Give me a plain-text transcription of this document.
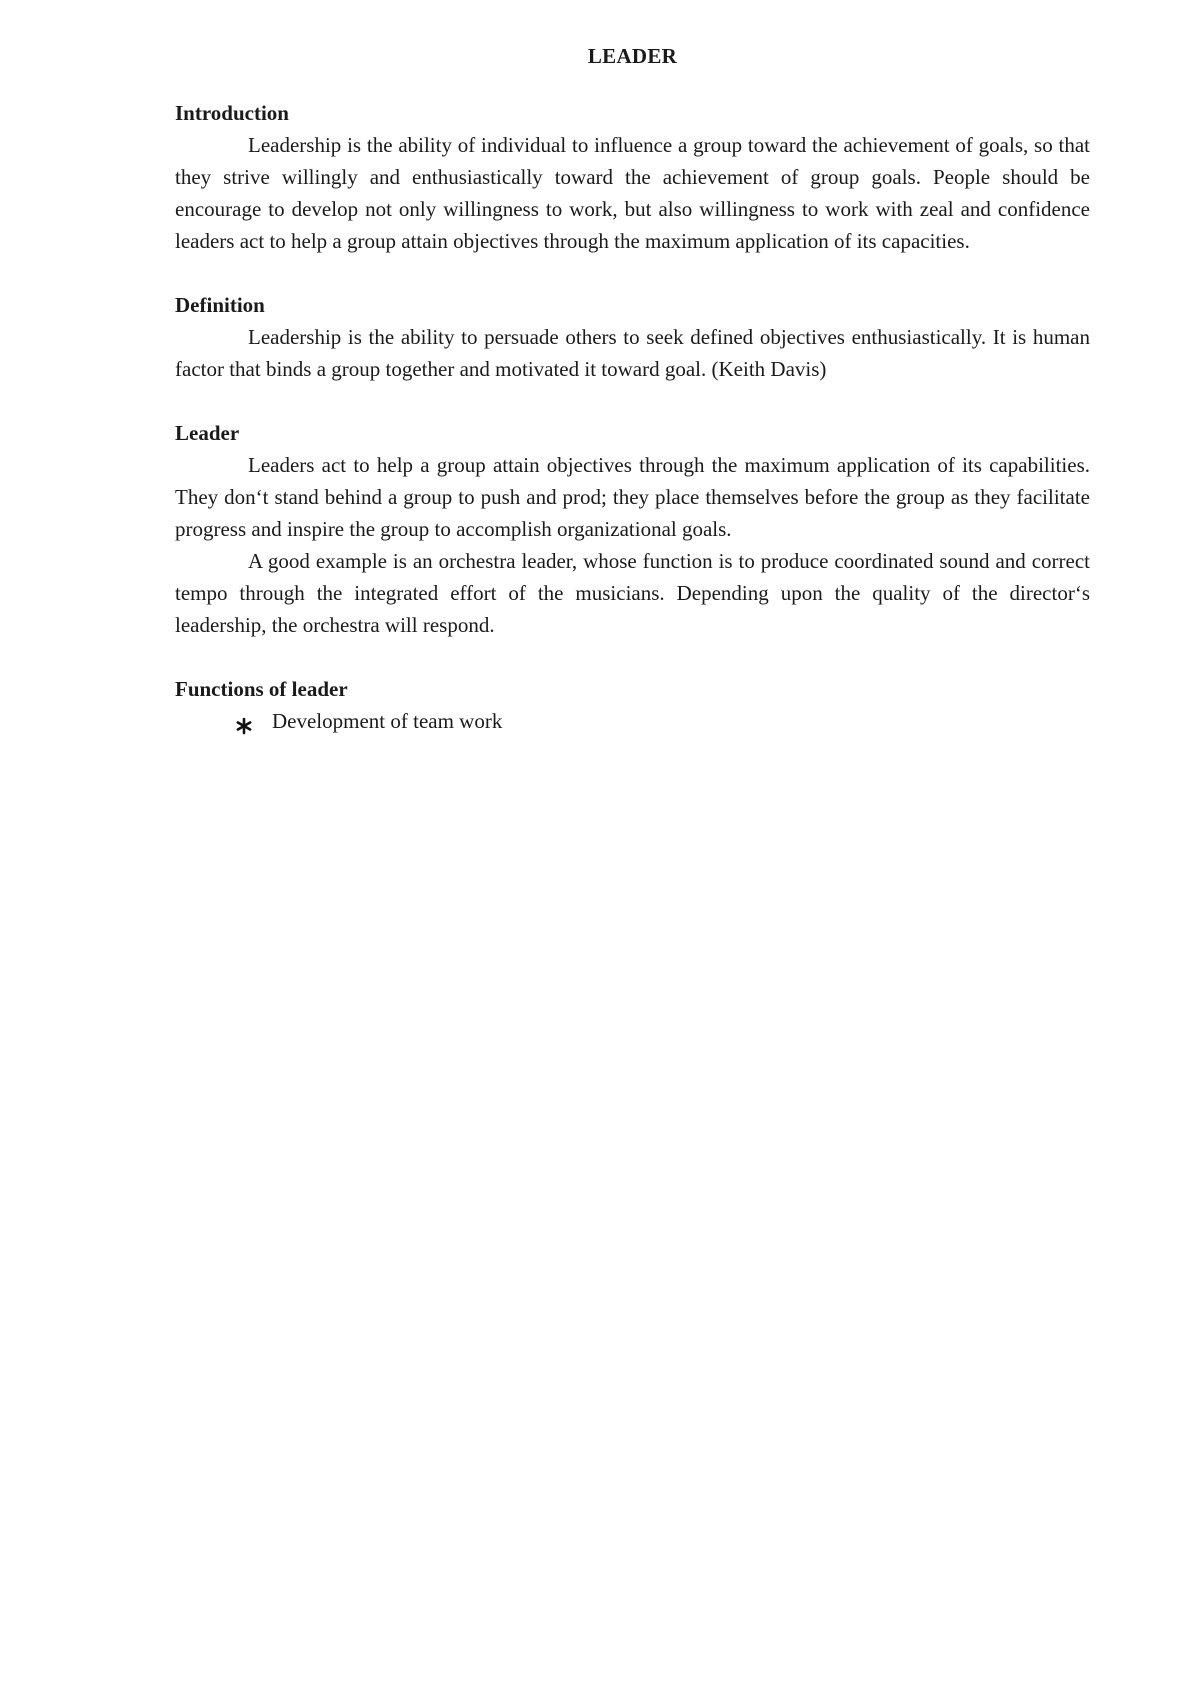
LEADER
Introduction

Leadership is the ability of individual to influence a group toward the achievement of goals, so that they strive willingly and enthusiastically toward the achievement of group goals. People should be encourage to develop not only willingness to work, but also willingness to work with zeal and confidence leaders act to help a group attain objectives through the maximum application of its capacities.

Definition

Leadership is the ability to persuade others to seek defined objectives enthusiastically. It is human factor that binds a group together and motivated it toward goal. (Keith Davis)

Leader

Leaders act to help a group attain objectives through the maximum application of its capabilities. They don‘t stand behind a group to push and prod; they place themselves before the group as they facilitate progress and inspire the group to accomplish organizational goals.

A good example is an orchestra leader, whose function is to produce coordinated sound and correct tempo through the integrated effort of the musicians. Depending upon the quality of the director‘s leadership, the orchestra will respond.

Functions of leader
Development of team work
